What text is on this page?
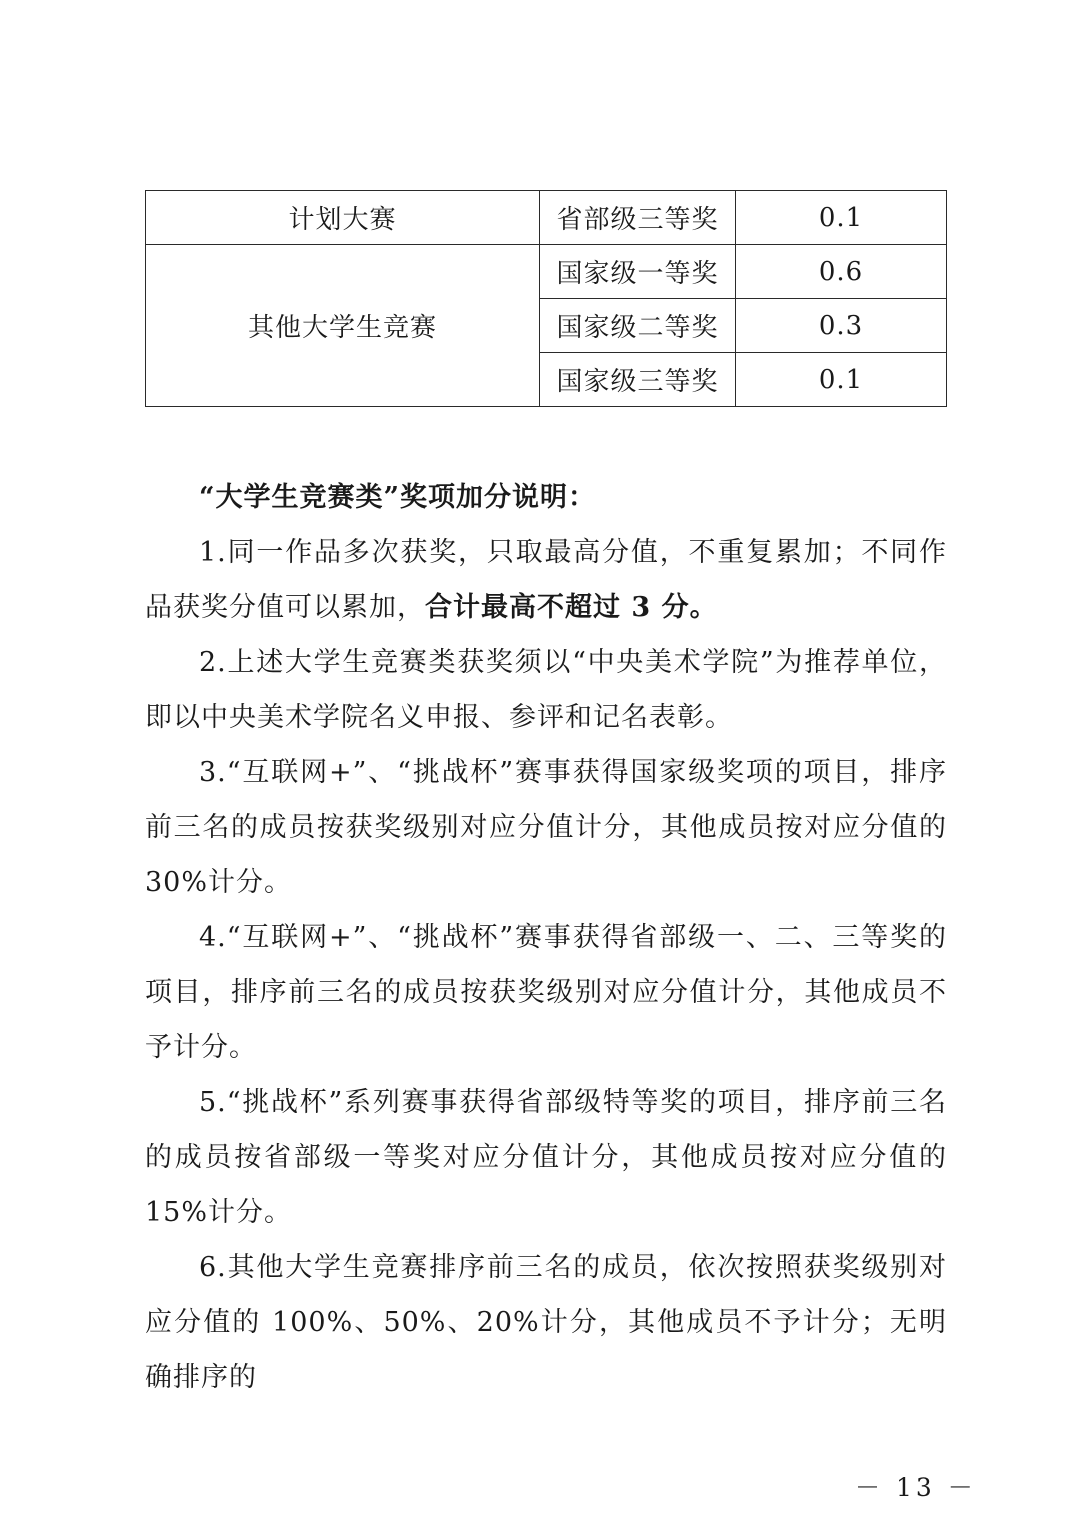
计划大赛	省部级三等奖	0.1
其他大学生竞赛	国家级一等奖	0.6
	国家级二等奖	0.3
	国家级三等奖	0.1

“大学生竞赛类”奖项加分说明：

1.同一作品多次获奖，只取最高分值，不重复累加；不同作品获奖分值可以累加，合计最高不超过 3 分。

2.上述大学生竞赛类获奖须以“中央美术学院”为推荐单位，即以中央美术学院名义申报、参评和记名表彰。

3.“互联网+”、“挑战杯”赛事获得国家级奖项的项目，排序前三名的成员按获奖级别对应分值计分，其他成员按对应分值的 30%计分。

4.“互联网+”、“挑战杯”赛事获得省部级一、二、三等奖的项目，排序前三名的成员按获奖级别对应分值计分，其他成员不予计分。

5.“挑战杯”系列赛事获得省部级特等奖的项目，排序前三名的成员按省部级一等奖对应分值计分，其他成员按对应分值的 15%计分。

6.其他大学生竞赛排序前三名的成员，依次按照获奖级别对应分值的 100%、50%、20%计分，其他成员不予计分；无明确排序的

－ 13 －
